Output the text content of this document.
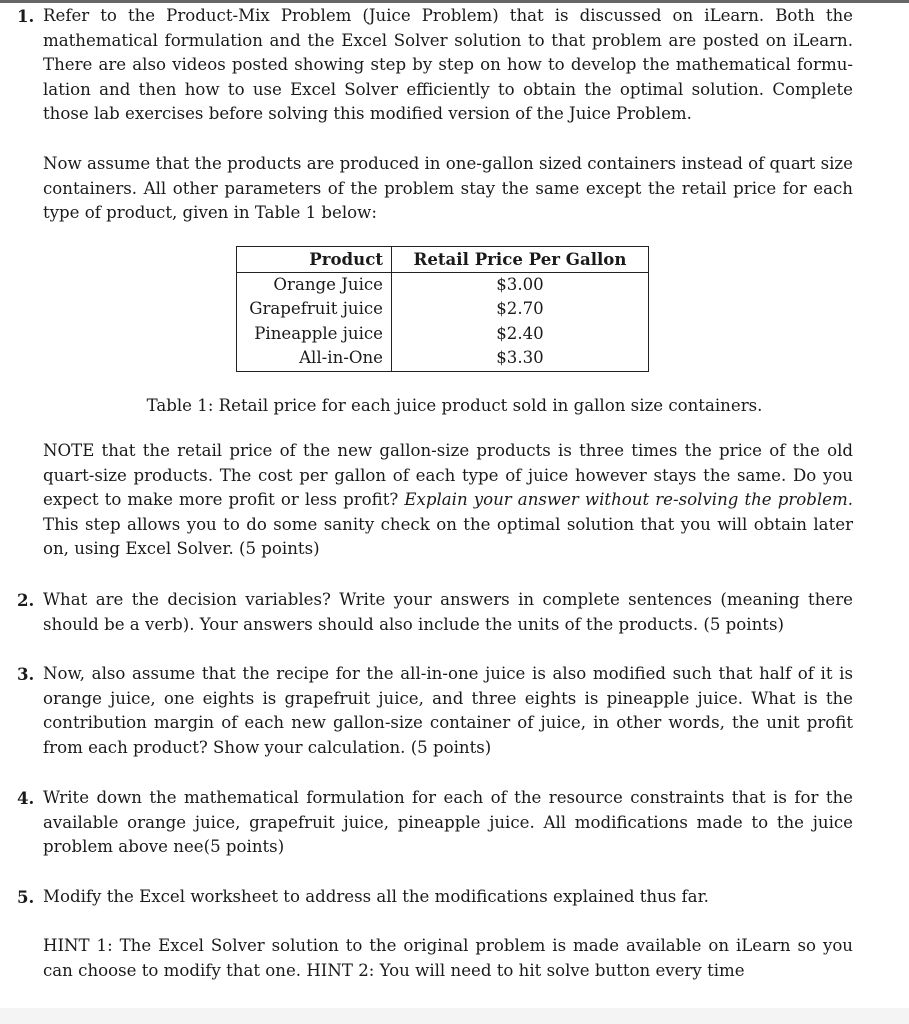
1. Refer to the Product-Mix Problem (Juice Problem) that is discussed on iLearn. Both the mathematical formulation and the Excel Solver solution to that problem are posted on iLearn. There are also videos posted showing step by step on how to develop the mathematical formu-lation and then how to use Excel Solver efficiently to obtain the optimal solution. Complete those lab exercises before solving this modified version of the Juice Problem.
Now assume that the products are produced in one-gallon sized containers instead of quart size containers. All other parameters of the problem stay the same except the retail price for each type of product, given in Table 1 below:
Product	Retail Price Per Gallon
Orange Juice	$3.00
Grapefruit juice	$2.70
Pineapple juice	$2.40
All-in-One	$3.30
Table 1: Retail price for each juice product sold in gallon size containers.
NOTE that the retail price of the new gallon-size products is three times the price of the old quart-size products. The cost per gallon of each type of juice however stays the same. Do you expect to make more profit or less profit? Explain your answer without re-solving the problem. This step allows you to do some sanity check on the optimal solution that you will obtain later on, using Excel Solver. (5 points)
2. What are the decision variables? Write your answers in complete sentences (meaning there should be a verb). Your answers should also include the units of the products. (5 points)
3. Now, also assume that the recipe for the all-in-one juice is also modified such that half of it is orange juice, one eights is grapefruit juice, and three eights is pineapple juice. What is the contribution margin of each new gallon-size container of juice, in other words, the unit profit from each product? Show your calculation. (5 points)
4. Write down the mathematical formulation for each of the resource constraints that is for the available orange juice, grapefruit juice, pineapple juice. All modifications made to the juice problem above nee(5 points)
5. Modify the Excel worksheet to address all the modifications explained thus far.
HINT 1: The Excel Solver solution to the original problem is made available on iLearn so you can choose to modify that one. HINT 2: You will need to hit solve button every time
